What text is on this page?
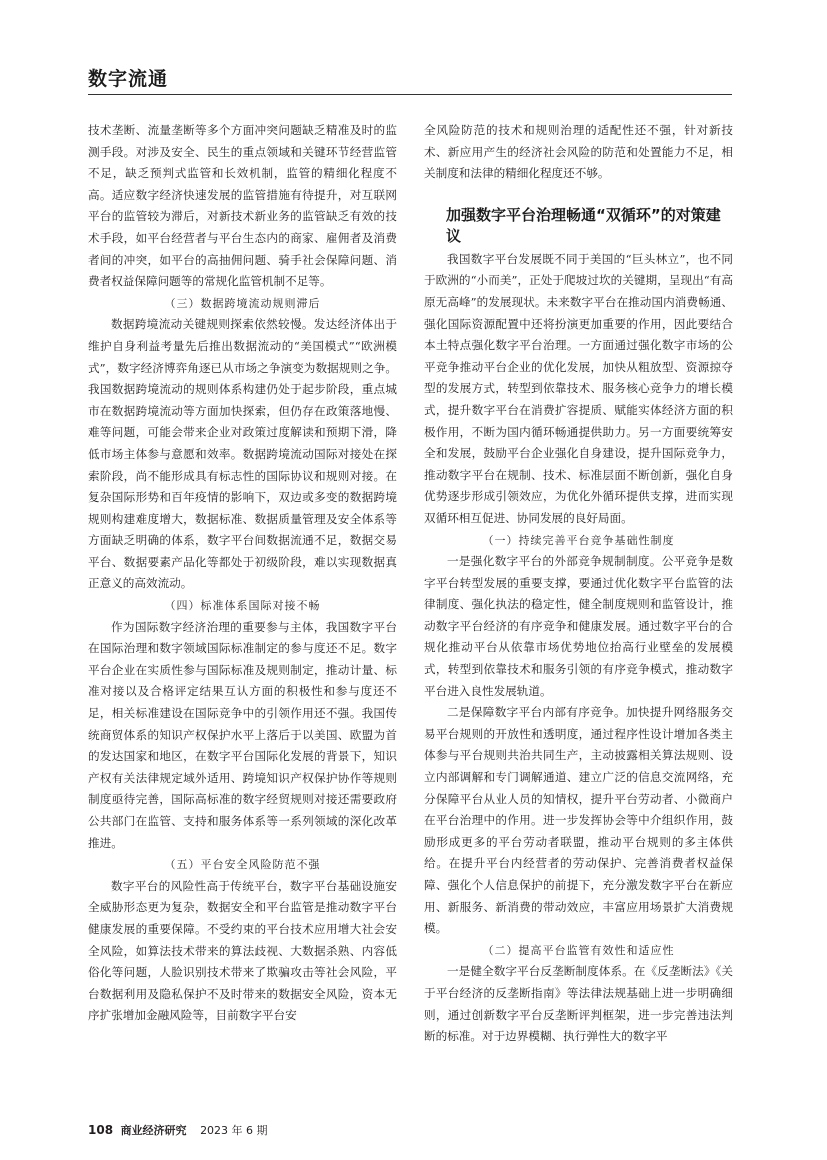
数字流通

技术垄断、流量垄断等多个方面冲突问题缺乏精准及时的监测手段。对涉及安全、民生的重点领域和关键环节经营监管不足，缺乏预判式监管和长效机制，监管的精细化程度不高。适应数字经济快速发展的监管措施有待提升，对互联网平台的监管较为滞后，对新技术新业务的监管缺乏有效的技术手段，如平台经营者与平台生态内的商家、雇佣者及消费者间的冲突，如平台的高抽佣问题、骑手社会保障问题、消费者权益保障问题等的常规化监管机制不足等。

（三）数据跨境流动规则滞后

数据跨境流动关键规则探索依然较慢。发达经济体出于维护自身利益考量先后推出数据流动的“美国模式”“欧洲模式”，数字经济博弈角逐已从市场之争演变为数据规则之争。我国数据跨境流动的规则体系构建仍处于起步阶段，重点城市在数据跨境流动等方面加快探索，但仍存在政策落地慢、难等问题，可能会带来企业对政策过度解读和预期下滑，降低市场主体参与意愿和效率。数据跨境流动国际对接处在探索阶段，尚不能形成具有标志性的国际协议和规则对接。在复杂国际形势和百年疫情的影响下，双边或多变的数据跨境规则构建难度增大，数据标准、数据质量管理及安全体系等方面缺乏明确的体系，数字平台间数据流通不足，数据交易平台、数据要素产品化等都处于初级阶段，难以实现数据真正意义的高效流动。

（四）标准体系国际对接不畅

作为国际数字经济治理的重要参与主体，我国数字平台在国际治理和数字领域国际标准制定的参与度还不足。数字平台企业在实质性参与国际标准及规则制定，推动计量、标准对接以及合格评定结果互认方面的积极性和参与度还不足，相关标准建设在国际竞争中的引领作用还不强。我国传统商贸体系的知识产权保护水平上落后于以美国、欧盟为首的发达国家和地区，在数字平台国际化发展的背景下，知识产权有关法律规定域外适用、跨境知识产权保护协作等规则制度亟待完善，国际高标准的数字经贸规则对接还需要政府公共部门在监管、支持和服务体系等一系列领域的深化改革推进。

（五）平台安全风险防范不强

数字平台的风险性高于传统平台，数字平台基础设施安全威胁形态更为复杂，数据安全和平台监管是推动数字平台健康发展的重要保障。不受约束的平台技术应用增大社会安全风险，如算法技术带来的算法歧视、大数据杀熟、内容低俗化等问题，人脸识别技术带来了欺骗攻击等社会风险，平台数据利用及隐私保护不及时带来的数据安全风险，资本无序扩张增加金融风险等，目前数字平台安

全风险防范的技术和规则治理的适配性还不强，针对新技术、新应用产生的经济社会风险的防范和处置能力不足，相关制度和法律的精细化程度还不够。

加强数字平台治理畅通“双循环”的对策建议

我国数字平台发展既不同于美国的“巨头林立”，也不同于欧洲的“小而美”，正处于爬坡过坎的关键期，呈现出“有高原无高峰”的发展现状。未来数字平台在推动国内消费畅通、强化国际资源配置中还将扮演更加重要的作用，因此要结合本土特点强化数字平台治理。一方面通过强化数字市场的公平竞争推动平台企业的优化发展，加快从粗放型、资源掠夺型的发展方式，转型到依靠技术、服务核心竞争力的增长模式，提升数字平台在消费扩容提质、赋能实体经济方面的积极作用，不断为国内循环畅通提供助力。另一方面要统筹安全和发展，鼓励平台企业强化自身建设，提升国际竞争力，推动数字平台在规制、技术、标准层面不断创新，强化自身优势逐步形成引领效应，为优化外循环提供支撑，进而实现双循环相互促进、协同发展的良好局面。

（一）持续完善平台竞争基础性制度

一是强化数字平台的外部竞争规制制度。公平竞争是数字平台转型发展的重要支撑，要通过优化数字平台监管的法律制度、强化执法的稳定性，健全制度规则和监管设计，推动数字平台经济的有序竞争和健康发展。通过数字平台的合规化推动平台从依靠市场优势地位抬高行业壁垒的发展模式，转型到依靠技术和服务引领的有序竞争模式，推动数字平台进入良性发展轨道。

二是保障数字平台内部有序竞争。加快提升网络服务交易平台规则的开放性和透明度，通过程序性设计增加各类主体参与平台规则共治共同生产，主动披露相关算法规则、设立内部调解和专门调解通道、建立广泛的信息交流网络，充分保障平台从业人员的知情权，提升平台劳动者、小微商户在平台治理中的作用。进一步发挥协会等中介组织作用，鼓励形成更多的平台劳动者联盟，推动平台规则的多主体供给。在提升平台内经营者的劳动保护、完善消费者权益保障、强化个人信息保护的前提下，充分激发数字平台在新应用、新服务、新消费的带动效应，丰富应用场景扩大消费规模。

（二）提高平台监管有效性和适应性

一是健全数字平台反垄断制度体系。在《反垄断法》《关于平台经济的反垄断指南》等法律法规基础上进一步明确细则，通过创新数字平台反垄断评判框架，进一步完善违法判断的标准。对于边界模糊、执行弹性大的数字平

108 商业经济研究 2023 年 6 期
